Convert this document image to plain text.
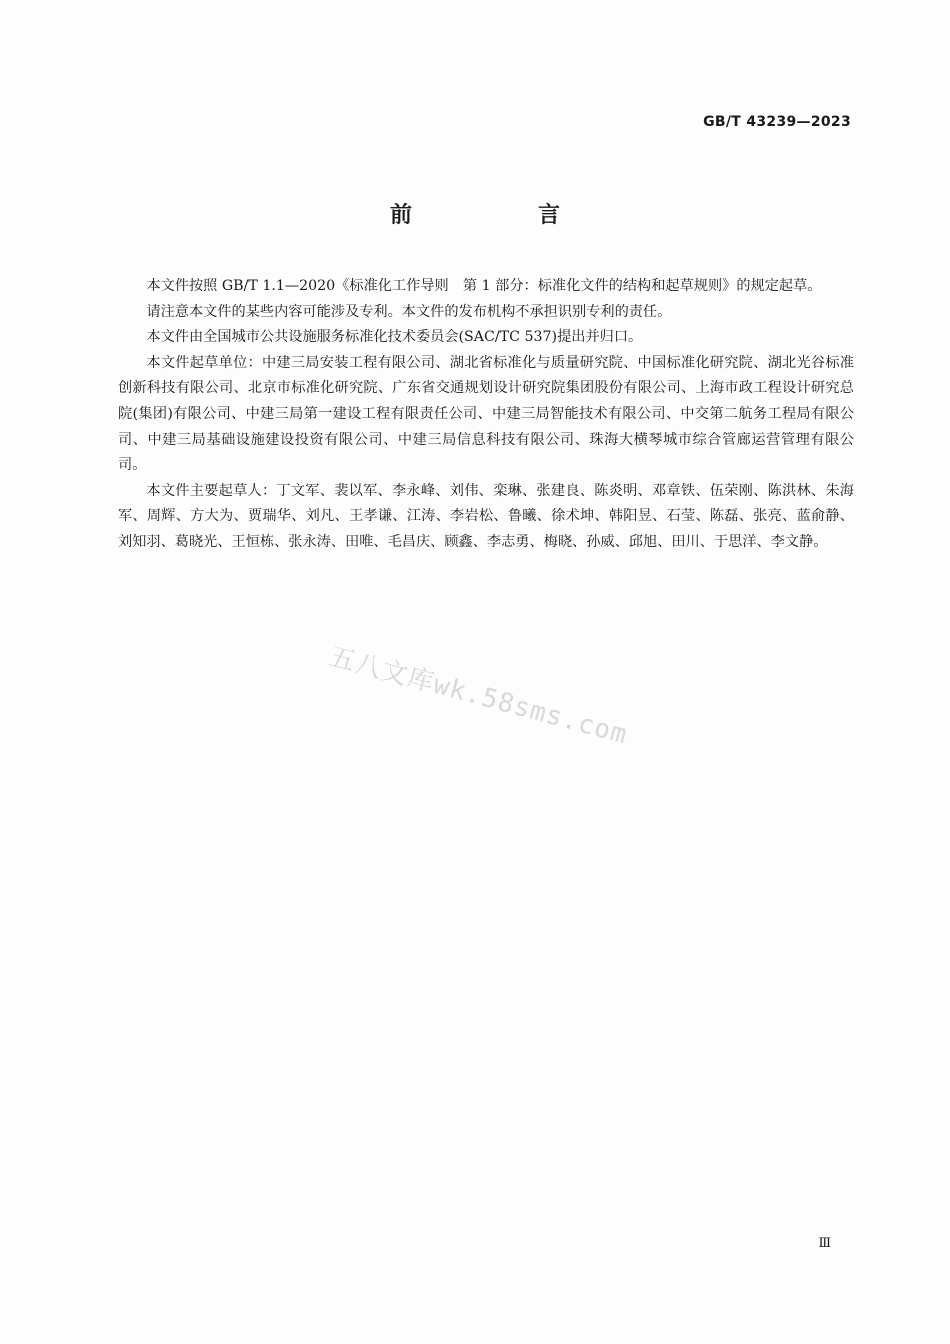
GB/T 43239—2023
前　言

本文件按照 GB/T 1.1—2020《标准化工作导则　第 1 部分：标准化文件的结构和起草规则》的规定起草。

请注意本文件的某些内容可能涉及专利。本文件的发布机构不承担识别专利的责任。

本文件由全国城市公共设施服务标准化技术委员会(SAC/TC 537)提出并归口。

本文件起草单位：中建三局安装工程有限公司、湖北省标准化与质量研究院、中国标准化研究院、湖北光谷标准创新科技有限公司、北京市标准化研究院、广东省交通规划设计研究院集团股份有限公司、上海市政工程设计研究总院(集团)有限公司、中建三局第一建设工程有限责任公司、中建三局智能技术有限公司、中交第二航务工程局有限公司、中建三局基础设施建设投资有限公司、中建三局信息科技有限公司、珠海大横琴城市综合管廊运营管理有限公司。

本文件主要起草人：丁文军、裴以军、李永峰、刘伟、栾琳、张建良、陈炎明、邓章铁、伍荣刚、陈洪林、朱海军、周辉、方大为、贾瑞华、刘凡、王孝谦、江涛、李岩松、鲁曦、徐术坤、韩阳昱、石莹、陈磊、张亮、蓝俞静、刘知羽、葛晓光、王恒栋、张永涛、田唯、毛昌庆、顾鑫、李志勇、梅晓、孙威、邱旭、田川、于思洋、李文静。

五八文库wk.58sms.com
Ⅲ
